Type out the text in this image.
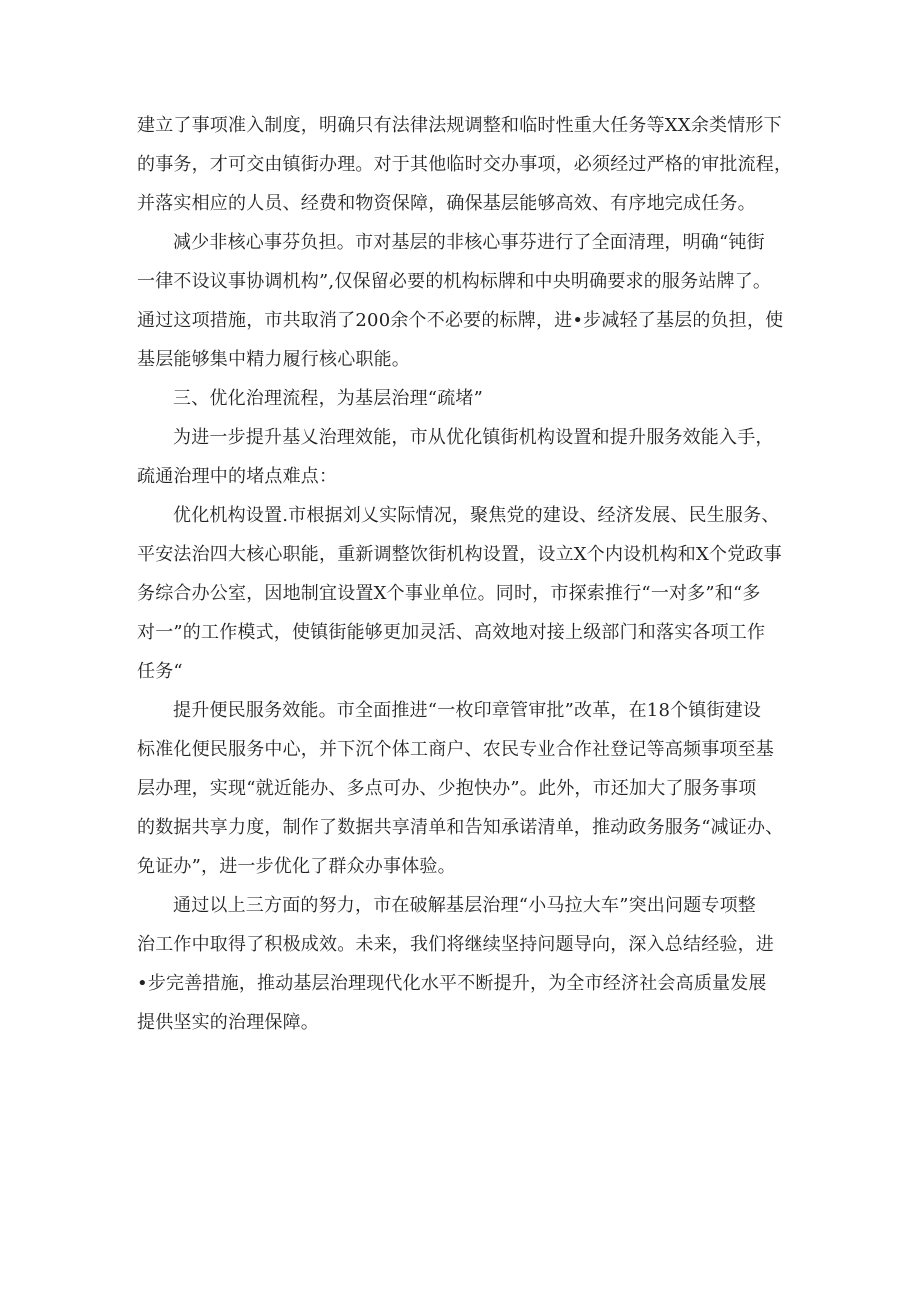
建立了事项准入制度，明确只有法律法规调整和临时性重大任务等XX余类情形下
的事务，才可交由镇街办理。对于其他临时交办事项，必须经过严格的审批流程，
并落实相应的人员、经费和物资保障，确保基层能够高效、有序地完成任务。
减少非核心事芬负担。市对基层的非核心事芬进行了全面清理，明确“钝街
一律不设议事协调机构”,仅保留必要的机构标牌和中央明确要求的服务站牌了。
通过这项措施，市共取消了200余个不必要的标牌，进•步减轻了基层的负担，使
基层能够集中精力履行核心职能。
三、优化治理流程，为基层治理“疏堵”
为进一步提升基乂治理效能，市从优化镇街机构设置和提升服务效能入手，
疏通治理中的堵点难点：
优化机构设置.市根据刘乂实际情况，聚焦党的建设、经济发展、民生服务、
平安法治四大核心职能，重新调整饮街机构设置，设立X个内设机构和X个党政事
务综合办公室，因地制宜设置X个事业单位。同时，市探索推行“一对多”和“多
对一”的工作模式，使镇街能够更加灵活、高效地对接上级部门和落实各项工作
任务“
提升便民服务效能。市全面推进“一枚印章管审批”改革，在18个镇街建设
标准化便民服务中心，并下沉个体工商户、农民专业合作社登记等高频事项至基
层办理，实现“就近能办、多点可办、少抱快办”。此外，市还加大了服务事项
的数据共享力度，制作了数据共享清单和告知承诺清单，推动政务服务“减证办、
免证办”，进一步优化了群众办事体验。
通过以上三方面的努力，市在破解基层治理“小马拉大车”突出问题专项整
治工作中取得了积极成效。未来，我们将继续坚持问题导向，深入总结经验，进
•步完善措施，推动基层治理现代化水平不断提升，为全市经济社会高质量发展
提供坚实的治理保障。
